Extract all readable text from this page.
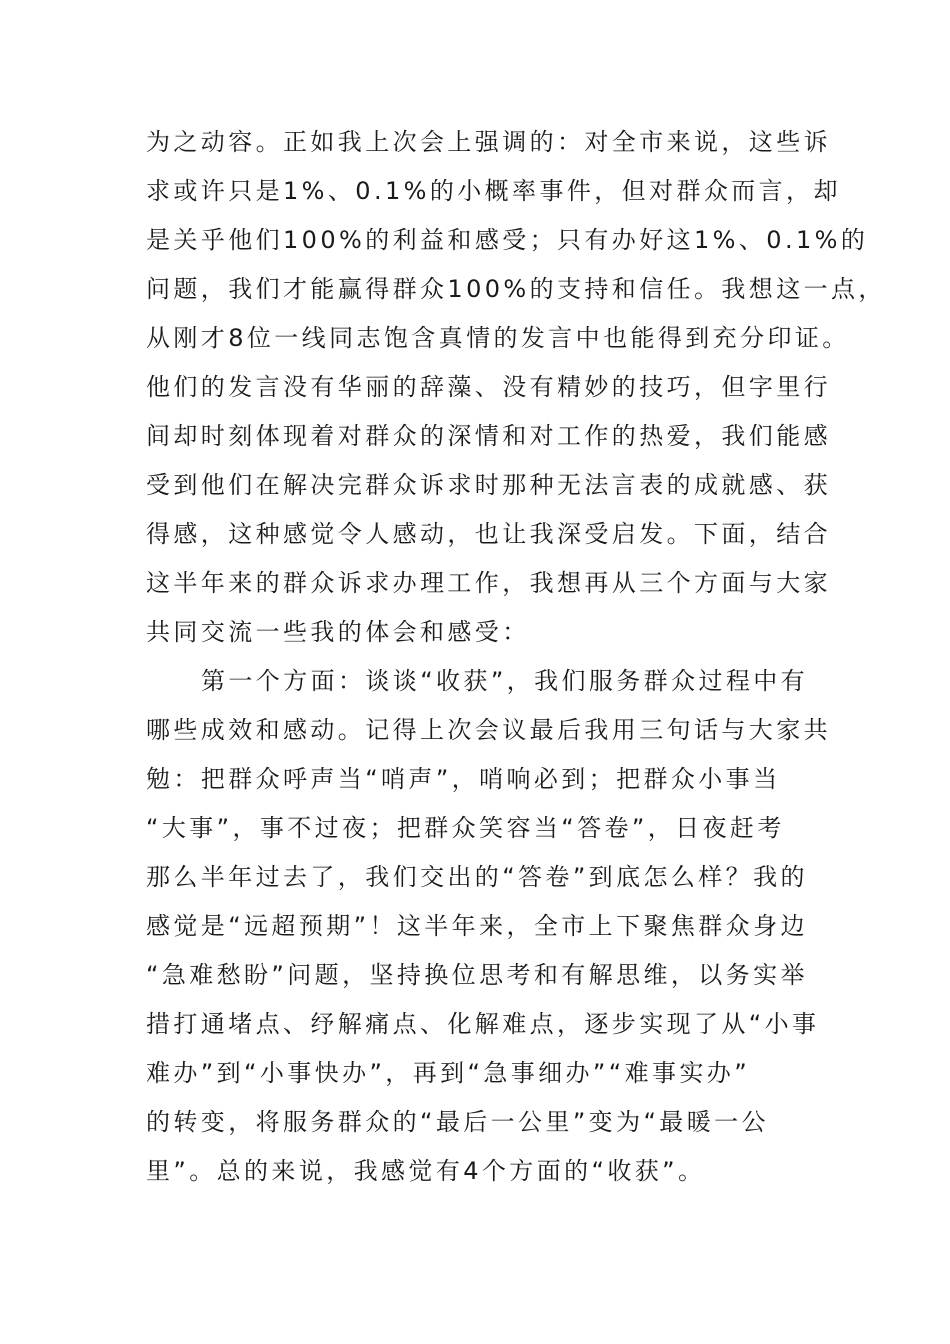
为之动容。正如我上次会上强调的：对全市来说，这些诉
求或许只是1%、0.1%的小概率事件，但对群众而言，却
是关乎他们100%的利益和感受；只有办好这1%、0.1%的
问题，我们才能赢得群众100%的支持和信任。我想这一点，
从刚才8位一线同志饱含真情的发言中也能得到充分印证。
他们的发言没有华丽的辞藻、没有精妙的技巧，但字里行
间却时刻体现着对群众的深情和对工作的热爱，我们能感
受到他们在解决完群众诉求时那种无法言表的成就感、获
得感，这种感觉令人感动，也让我深受启发。下面，结合
这半年来的群众诉求办理工作，我想再从三个方面与大家
共同交流一些我的体会和感受：
第一个方面：谈谈“收获”，我们服务群众过程中有
哪些成效和感动。记得上次会议最后我用三句话与大家共
勉：把群众呼声当“哨声”，哨响必到；把群众小事当
“大事”，事不过夜；把群众笑容当“答卷”，日夜赶考
那么半年过去了，我们交出的“答卷”到底怎么样？我的
感觉是“远超预期”！这半年来，全市上下聚焦群众身边
“急难愁盼”问题，坚持换位思考和有解思维，以务实举
措打通堵点、纾解痛点、化解难点，逐步实现了从“小事
难办”到“小事快办”，再到“急事细办”“难事实办”
的转变，将服务群众的“最后一公里”变为“最暖一公
里”。总的来说，我感觉有4个方面的“收获”。
